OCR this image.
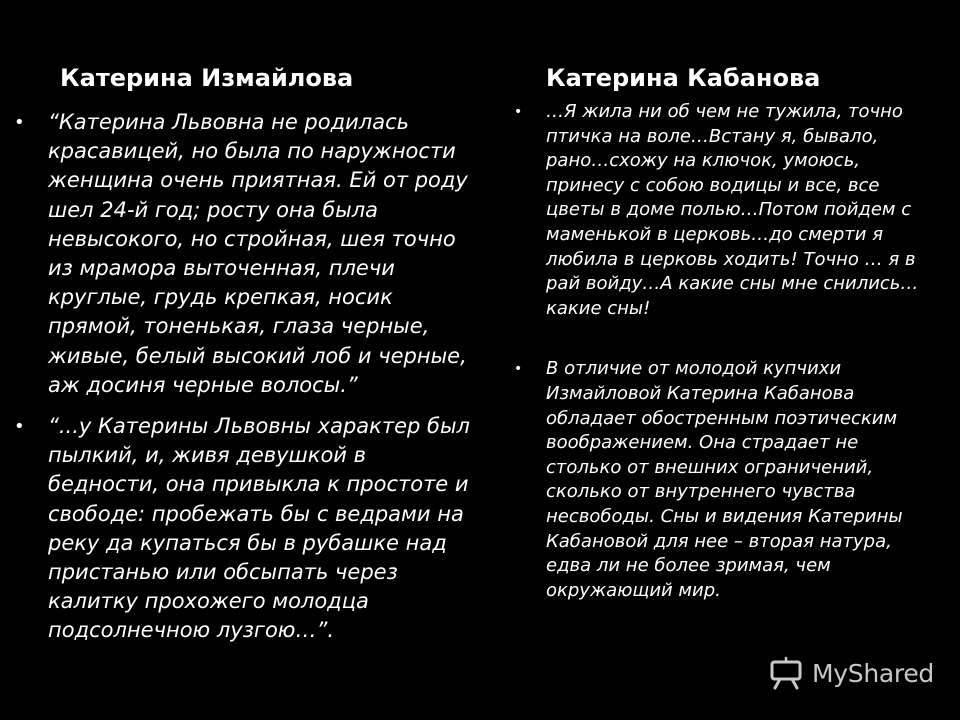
Катерина Измайлова	Катерина Кабанова
• “Катерина Львовна не родилась красавицей, но была по наружности женщина очень приятная. Ей от роду шел 24-й год; росту она была невысокого, но стройная, шея точно из мрамора выточенная, плечи круглые, грудь крепкая, носик прямой, тоненькая, глаза черные, живые, белый высокий лоб и черные, аж досиня черные волосы.”
• “...у Катерины Львовны характер был пылкий, и, живя девушкой в бедности, она привыкла к простоте и свободе: пробежать бы с ведрами на реку да купаться бы в рубашке над пристанью или обсыпать через калитку прохожего молодца подсолнечною лузгою…”.
• …Я жила ни об чем не тужила, точно птичка на воле…Встану я, бывало, рано…схожу на ключок, умоюсь, принесу с собою водицы и все, все цветы в доме полью…Потом пойдем с маменькой в церковь…до смерти я любила в церковь ходить! Точно … я в рай войду…А какие сны мне снились…какие сны!
• В отличие от молодой купчихи Измайловой Катерина Кабанова обладает обостренным поэтическим воображением. Она страдает не столько от внешних ограничений, сколько от внутреннего чувства несвободы. Сны и видения Катерины Кабановой для нее – вторая натура, едва ли не более зримая, чем окружающий мир.
MyShared
